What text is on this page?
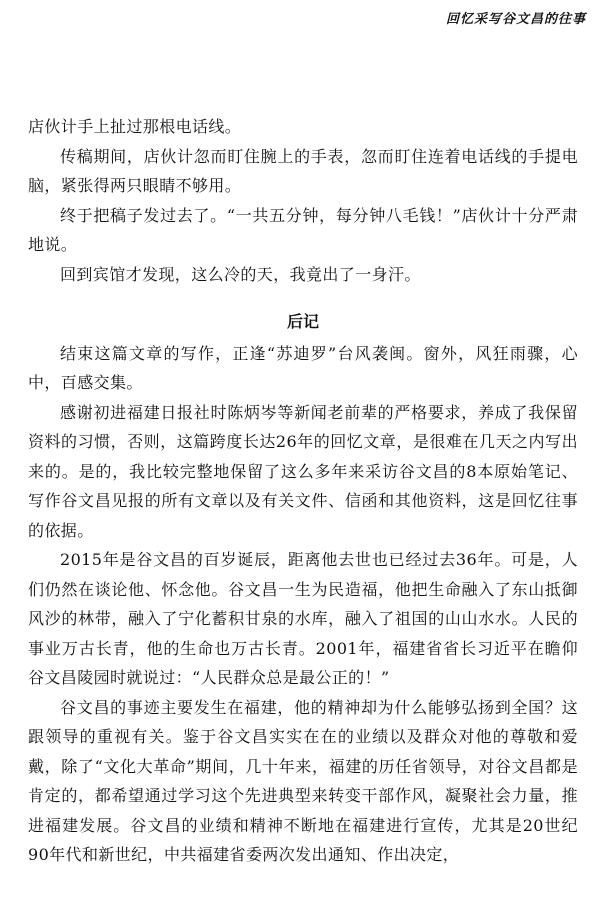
回忆采写谷文昌的往事

店伙计手上扯过那根电话线。

传稿期间，店伙计忽而盯住腕上的手表，忽而盯住连着电话线的手提电脑，紧张得两只眼睛不够用。

终于把稿子发过去了。“一共五分钟，每分钟八毛钱！”店伙计十分严肃地说。

回到宾馆才发现，这么冷的天，我竟出了一身汗。

后记

结束这篇文章的写作，正逢“苏迪罗”台风袭闽。窗外，风狂雨骤，心中，百感交集。

感谢初进福建日报社时陈炳岑等新闻老前辈的严格要求，养成了我保留资料的习惯，否则，这篇跨度长达26年的回忆文章，是很难在几天之内写出来的。是的，我比较完整地保留了这么多年来采访谷文昌的8本原始笔记、写作谷文昌见报的所有文章以及有关文件、信函和其他资料，这是回忆往事的依据。

2015年是谷文昌的百岁诞辰，距离他去世也已经过去36年。可是，人们仍然在谈论他、怀念他。谷文昌一生为民造福，他把生命融入了东山抵御风沙的林带，融入了宁化蓄积甘泉的水库，融入了祖国的山山水水。人民的事业万古长青，他的生命也万古长青。2001年，福建省省长习近平在瞻仰谷文昌陵园时就说过：“人民群众总是最公正的！”

谷文昌的事迹主要发生在福建，他的精神却为什么能够弘扬到全国？这跟领导的重视有关。鉴于谷文昌实实在在的业绩以及群众对他的尊敬和爱戴，除了“文化大革命”期间，几十年来，福建的历任省领导，对谷文昌都是肯定的，都希望通过学习这个先进典型来转变干部作风，凝聚社会力量，推进福建发展。谷文昌的业绩和精神不断地在福建进行宣传，尤其是20世纪90年代和新世纪，中共福建省委两次发出通知、作出决定，
